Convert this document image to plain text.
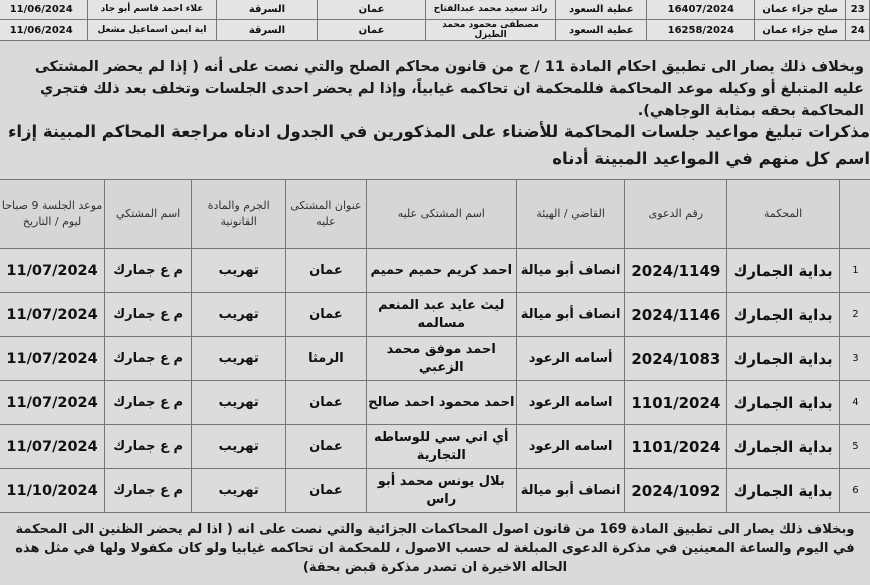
23	صلح جزاء عمان	16407/2024	عطية السعود	رائد سعيد محمد عبدالفتاح	عمان	السرقة	علاء احمد قاسم أبو جاد	11/06/2024
24	صلح جزاء عمان	16258/2024	عطية السعود	مصطفى محمود محمد الطيزل	عمان	السرقة	اية ايمن اسماعيل مشعل	11/06/2024
وبخلاف ذلك يصار الى تطبيق احكام المادة 11 / ج من قانون محاكم الصلح والتي نصت على أنه ( إذا لم يحضر المشتكى عليه المتبلغ أو وكيله موعد المحاكمة فللمحكمة ان تحاكمه غيابياً، وإذا لم يحضر احدى الجلسات وتخلف بعد ذلك فتجري المحاكمة بحقه بمثابة الوجاهي).
مذكرات تبليغ مواعيد جلسات المحاكمة للأضناء على المذكورين في الجدول ادناه مراجعة المحاكم المبينة إزاء اسم كل منهم في المواعيد المبينة أدناه
	المحكمة	رقم الدعوى	القاضي / الهيئة	اسم المشتكى عليه	عنوان المشتكى عليه	الجرم والمادة القانونية	اسم المشتكي	موعد الجلسة 9 صباحا ليوم / التاريخ
1	بداية الجمارك	2024/1149	انصاف أبو ميالة	احمد كريم حميم حميم	عمان	تهريب	م ع جمارك	11/07/2024
2	بداية الجمارك	2024/1146	انصاف أبو ميالة	ليث عايد عبد المنعم مسالمه	عمان	تهريب	م ع جمارك	11/07/2024
3	بداية الجمارك	2024/1083	أسامه الرعود	احمد موفق محمد الزعبي	الرمثا	تهريب	م ع جمارك	11/07/2024
4	بداية الجمارك	1101/2024	اسامه الرعود	احمد محمود احمد صالح	عمان	تهريب	م ع جمارك	11/07/2024
5	بداية الجمارك	1101/2024	اسامه الرعود	أي اني سي للوساطه التجارية	عمان	تهريب	م ع جمارك	11/07/2024
6	بداية الجمارك	2024/1092	انصاف أبو ميالة	بلال يونس محمد أبو راس	عمان	تهريب	م ع جمارك	11/10/2024
وبخلاف ذلك يصار الى تطبيق المادة 169 من قانون اصول المحاكمات الجزائية والتي نصت على انه ( اذا لم يحضر الظنين الى المحكمة في اليوم والساعة المعينين في مذكرة الدعوى المبلغة له حسب الاصول ، للمحكمة ان تحاكمه غيابيا ولو كان مكفولا ولها في مثل هذه الحاله الاخيرة ان تصدر مذكرة قبض بحقة)
